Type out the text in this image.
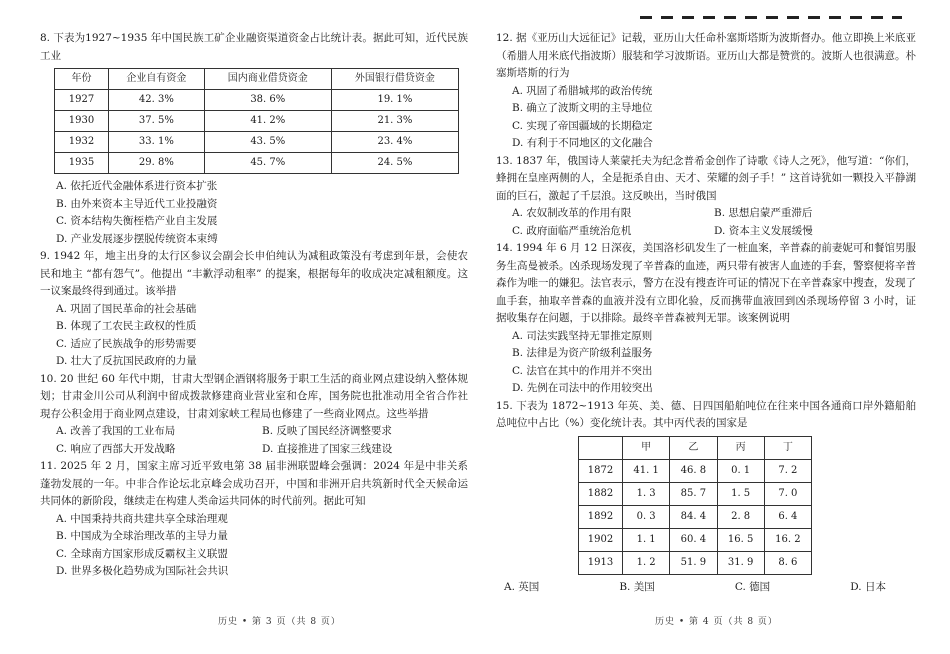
8. 下表为1927~1935 年中国民族工矿企业融资渠道资金占比统计表。据此可知，近代民族工业
年份	企业自有资金	国内商业借贷资金	外国银行借贷资金
1927	42. 3%	38. 6%	19. 1%
1930	37. 5%	41. 2%	21. 3%
1932	33. 1%	43. 5%	23. 4%
1935	29. 8%	45. 7%	24. 5%
A. 依托近代金融体系进行资本扩张
B. 由外来资本主导近代工业投融资
C. 资本结构失衡桎梏产业自主发展
D. 产业发展逐步摆脱传统资本束缚
9. 1942 年，地主出身的太行区参议会副会长申伯纯认为减租政策没有考虑到年景，会使农民和地主 “都有怨气”。他提出 “丰歉浮动租率” 的提案，根据每年的收成决定减租额度。这一议案最终得到通过。该举措
A. 巩固了国民革命的社会基础
B. 体现了工农民主政权的性质
C. 适应了民族战争的形势需要
D. 壮大了反抗国民政府的力量
10. 20 世纪 60 年代中期，甘肃大型钢企酒钢将服务于职工生活的商业网点建设纳入整体规划；甘肃金川公司从利润中留成拨款修建商业营业室和仓库，国务院也批准动用全省合作社現存公积金用于商业网点建设，甘肃刘家峡工程局也修建了一些商业网点。这些举措
A. 改善了我国的工业布局	B. 反映了国民经济调整要求
C. 响应了西部大开发战略	D. 直接推进了国家三线建设
11. 2025 年 2 月，国家主席习近平致电第 38 届非洲联盟峰会强调：2024 年是中非关系蓬勃发展的一年。中非合作论坛北京峰会成功召开，中国和非洲开启共筑新时代全天候命运共同体的新阶段，继续走在构建人类命运共同体的时代前列。据此可知
A. 中国秉持共商共建共享全球治理观
B. 中国成为全球治理改革的主导力量
C. 全球南方国家形成反霸权主义联盟
D. 世界多极化趋势成为国际社会共识
12. 据《亚历山大远征记》记载，亚历山大任命朴塞斯塔斯为波斯督办。他立即换上米底亚（希腊人用米底代指波斯）服装和学习波斯语。亚历山大都是赞赏的。波斯人也很满意。朴塞斯塔斯的行为
A. 巩固了希腊城邦的政治传统
B. 确立了波斯文明的主导地位
C. 实现了帝国疆域的长期稳定
D. 有利于不同地区的文化融合
13. 1837 年，俄国诗人莱蒙托夫为纪念普希金创作了诗歌《诗人之死》，他写道：“你们，蜂拥在皇座两侧的人，全是扼杀自由、天才、荣耀的刽子手！” 这首诗犹如一颗投入平静湖面的巨石，激起了千层浪。这反映出，当时俄国
A. 农奴制改革的作用有限	B. 思想启蒙严重滞后
C. 政府面临严重统治危机	D. 资本主义发展缓慢
14. 1994 年 6 月 12 日深夜，美国洛杉矶发生了一桩血案，辛普森的前妻妮可和餐馆男服务生高曼被杀。凶杀现场发现了辛普森的血迹，两只带有被害人血迹的手套，警察便将辛普森作为唯一的嫌犯。法官表示，警方在没有搜查许可证的情况下在辛普森家中搜查，发现了血手套，抽取辛普森的血液并没有立即化验，反而携带血液回到凶杀现场停留 3 小时，证据收集存在问题，于以排除。最终辛普森被判无罪。该案例说明
A. 司法实践坚持无罪推定原则
B. 法律是为资产阶级利益服务
C. 法官在其中的作用并不突出
D. 先例在司法中的作用较突出
15. 下表为 1872~1913 年英、美、德、日四国船舶吨位在往来中国各通商口岸外籍船舶总吨位中占比（%）变化统计表。其中丙代表的国家是
	甲	乙	丙	丁
1872	41. 1	46. 8	0. 1	7. 2
1882	1. 3	85. 7	1. 5	7. 0
1892	0. 3	84. 4	2. 8	6. 4
1902	1. 1	60. 4	16. 5	16. 2
1913	1. 2	51. 9	31. 9	8. 6
A. 英国	B. 美国	C. 德国	D. 日本
历史 • 第 3 页（共 8 页）	历史 • 第 4 页（共 8 页）
